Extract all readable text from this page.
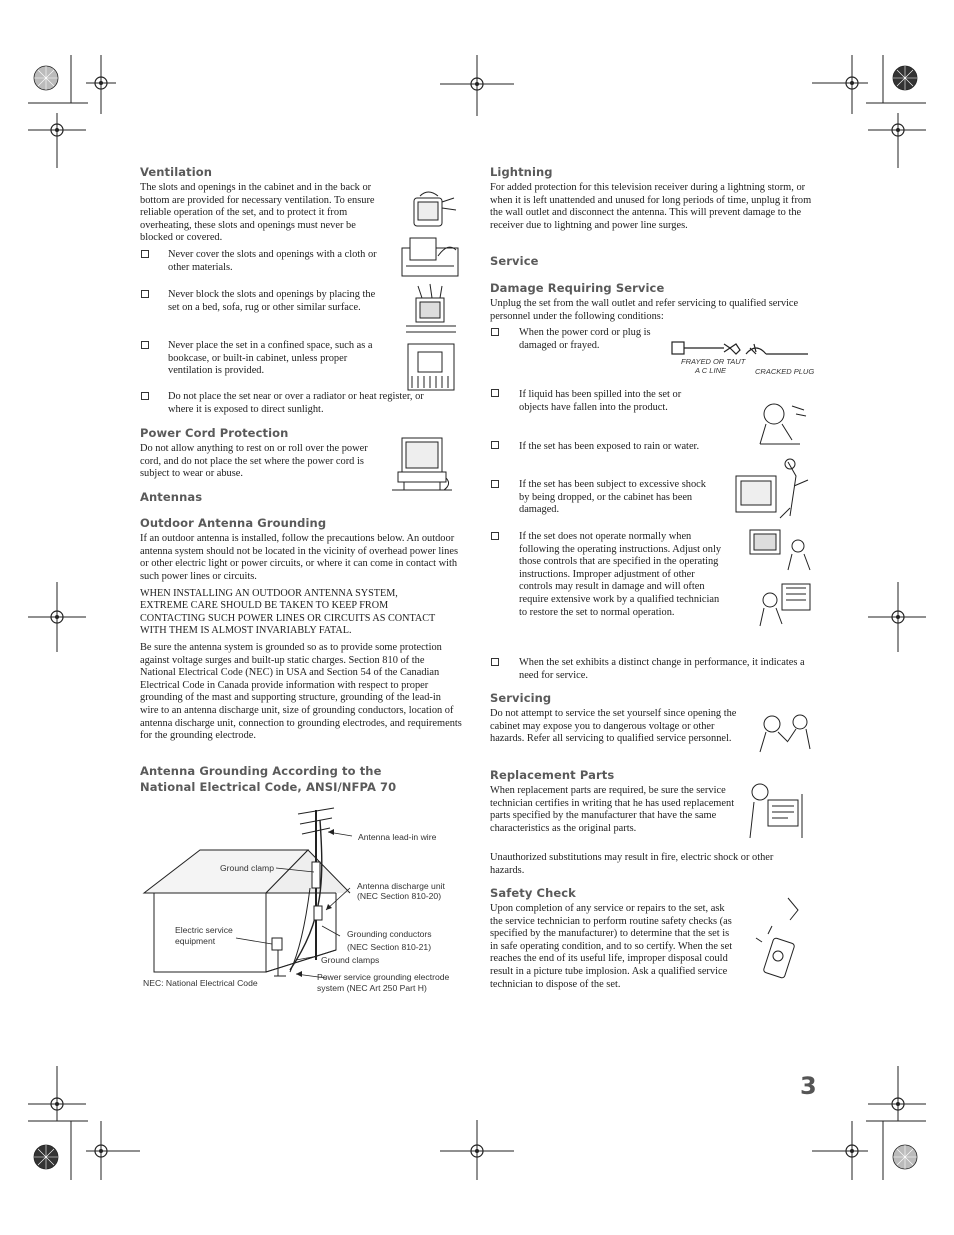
Ventilation
The slots and openings in the cabinet and in the back or bottom are provided for necessary ventilation. To ensure reliable operation of the set, and to protect it from overheating, these slots and openings must never be blocked or covered.
Never cover the slots and openings with a cloth or other materials.
Never block the slots and openings by placing the set on a bed, sofa, rug or other similar surface.
Never place the set in a confined space, such as a bookcase, or built-in cabinet, unless proper ventilation is provided.
Do not place the set near or over a radiator or heat register, or where it is exposed to direct sunlight.
Power Cord Protection
Do not allow anything to rest on or roll over the power cord, and do not place the set where the power cord is subject to wear or abuse.
Antennas
Outdoor Antenna Grounding
If an outdoor antenna is installed, follow the precautions below. An outdoor antenna system should not be located in the vicinity of overhead power lines or other electric light or power circuits, or where it can come in contact with such power lines or circuits.
WHEN INSTALLING AN OUTDOOR ANTENNA SYSTEM, EXTREME CARE SHOULD BE TAKEN TO KEEP FROM CONTACTING SUCH POWER LINES OR CIRCUITS AS CONTACT WITH THEM IS ALMOST INVARIABLY FATAL.
Be sure the antenna system is grounded so as to provide some protection against voltage surges and built-up static charges. Section 810 of the National Electrical Code (NEC) in USA and Section 54 of the Canadian Electrical Code in Canada provide information with respect to proper grounding of the mast and supporting structure, grounding of the lead-in wire to an antenna discharge unit, size of grounding conductors, location of antenna discharge unit, connection to grounding electrodes, and requirements for the grounding electrode.
Antenna Grounding According to the National Electrical Code, ANSI/NFPA 70
Antenna lead-in wire
Ground clamp
Antenna discharge unit
(NEC Section 810-20)
Electric service
equipment
Grounding conductors
(NEC Section 810-21)
Ground clamps
NEC: National Electrical Code
Power service grounding electrode
system (NEC Art 250 Part H)
Lightning
For added protection for this television receiver during a lightning storm, or when it is left unattended and unused for long periods of time, unplug it from the wall outlet and disconnect the antenna. This will prevent damage to the receiver due to lightning and power line surges.
Service
Damage Requiring Service
Unplug the set from the wall outlet and refer servicing to qualified service personnel under the following conditions:
When the power cord or plug is damaged or frayed.
FRAYED OR TAUT
A C LINE	CRACKED PLUG
If liquid has been spilled into the set or objects have fallen into the product.
If the set has been exposed to rain or water.
If the set has been subject to excessive shock by being dropped, or the cabinet has been damaged.
If the set does not operate normally when following the operating instructions. Adjust only those controls that are specified in the operating instructions. Improper adjustment of other controls may result in damage and will often require extensive work by a qualified technician to restore the set to normal operation.
When the set exhibits a distinct change in performance, it indicates a need for service.
Servicing
Do not attempt to service the set yourself since opening the cabinet may expose you to dangerous voltage or other hazards. Refer all servicing to qualified service personnel.
Replacement Parts
When replacement parts are required, be sure the service technician certifies in writing that he has used replacement parts specified by the manufacturer that have the same characteristics as the original parts.
Unauthorized substitutions may result in fire, electric shock or other hazards.
Safety Check
Upon completion of any service or repairs to the set, ask the service technician to perform routine safety checks (as specified by the manufacturer) to determine that the set is in safe operating condition, and to so certify. When the set reaches the end of its useful life, improper disposal could result in a picture tube implosion. Ask a qualified service technician to dispose of the set.
3
